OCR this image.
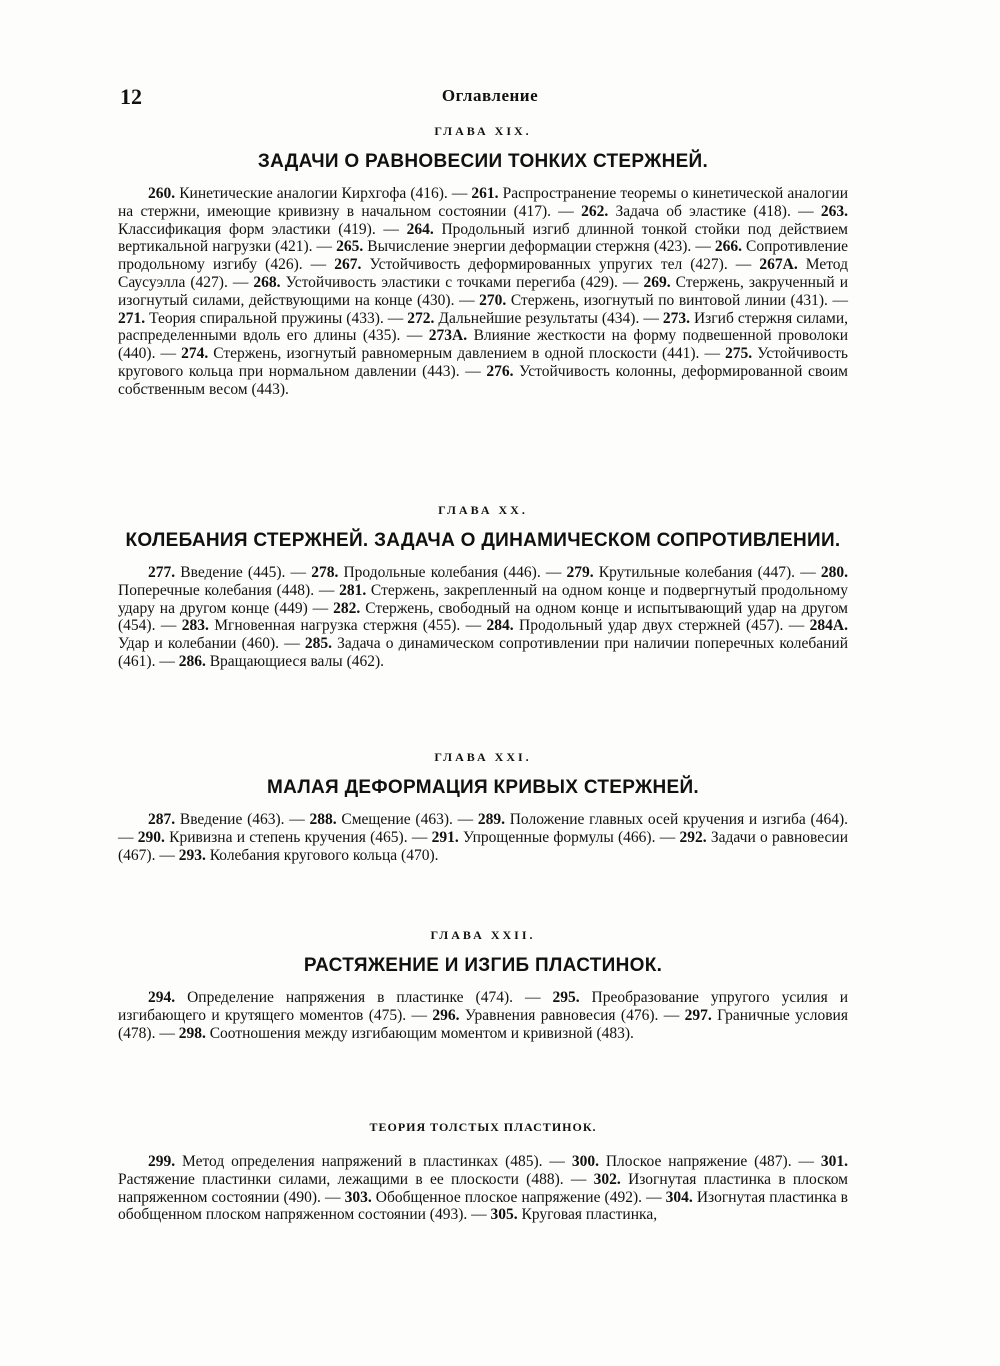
12	Оглавление
ГЛАВА XIX.
ЗАДАЧИ О РАВНОВЕСИИ ТОНКИХ СТЕРЖНЕЙ.

260. Кинетические аналогии Кирхгофа (416). — 261. Распространение теоремы о кинетической аналогии на стержни, имеющие кривизну в начальном состоянии (417). — 262. Задача об эластике (418). — 263. Классификация форм эластики (419). — 264. Продольный изгиб длинной тонкой стойки под действием вертикальной нагрузки (421). — 265. Вычисление энергии деформации стержня (423). — 266. Сопротивление продольному изгибу (426). — 267. Устойчивость деформированных упругих тел (427). — 267А. Метод Саусуэлла (427). — 268. Устойчивость эластики с точками перегиба (429). — 269. Стержень, закрученный и изогнутый силами, действующими на конце (430). — 270. Стержень, изогнутый по винтовой линии (431). — 271. Теория спиральной пружины (433). — 272. Дальнейшие результаты (434). — 273. Изгиб стержня силами, распределенными вдоль его длины (435). — 273А. Влияние жесткости на форму подвешенной проволоки (440). — 274. Стержень, изогнутый равномерным давлением в одной плоскости (441). — 275. Устойчивость кругового кольца при нормальном давлении (443). — 276. Устойчивость колонны, деформированной своим собственным весом (443).

ГЛАВА XX.
КОЛЕБАНИЯ СТЕРЖНЕЙ. ЗАДАЧА О ДИНАМИЧЕСКОМ СОПРОТИВЛЕНИИ.

277. Введение (445). — 278. Продольные колебания (446). — 279. Крутильные колебания (447). — 280. Поперечные колебания (448). — 281. Стержень, закрепленный на одном конце и подвергнутый продольному удару на другом конце (449) — 282. Стержень, свободный на одном конце и испытывающий удар на другом (454). — 283. Мгновенная нагрузка стержня (455). — 284. Продольный удар двух стержней (457). — 284А. Удар и колебании (460). — 285. Задача о динамическом сопротивлении при наличии поперечных колебаний (461). — 286. Вращающиеся валы (462).

ГЛАВА XXI.
МАЛАЯ ДЕФОРМАЦИЯ КРИВЫХ СТЕРЖНЕЙ.

287. Введение (463). — 288. Смещение (463). — 289. Положение главных осей кручения и изгиба (464). — 290. Кривизна и степень кручения (465). — 291. Упрощенные формулы (466). — 292. Задачи о равновесии (467). — 293. Колебания кругового кольца (470).

ГЛАВА XXII.
РАСТЯЖЕНИЕ И ИЗГИБ ПЛАСТИНОК.

294. Определение напряжения в пластинке (474). — 295. Преобразование упругого усилия и изгибающего и крутящего моментов (475). — 296. Уравнения равновесия (476). — 297. Граничные условия (478). — 298. Соотношения между изгибающим моментом и кривизной (483).

ТЕОРИЯ ТОЛСТЫХ ПЛАСТИНОК.

299. Метод определения напряжений в пластинках (485). — 300. Плоское напряжение (487). — 301. Растяжение пластинки силами, лежащими в ее плоскости (488). — 302. Изогнутая пластинка в плоском напряженном состоянии (490). — 303. Обобщенное плоское напряжение (492). — 304. Изогнутая пластинка в обобщенном плоском напряженном состоянии (493). — 305. Круговая пластинка,
